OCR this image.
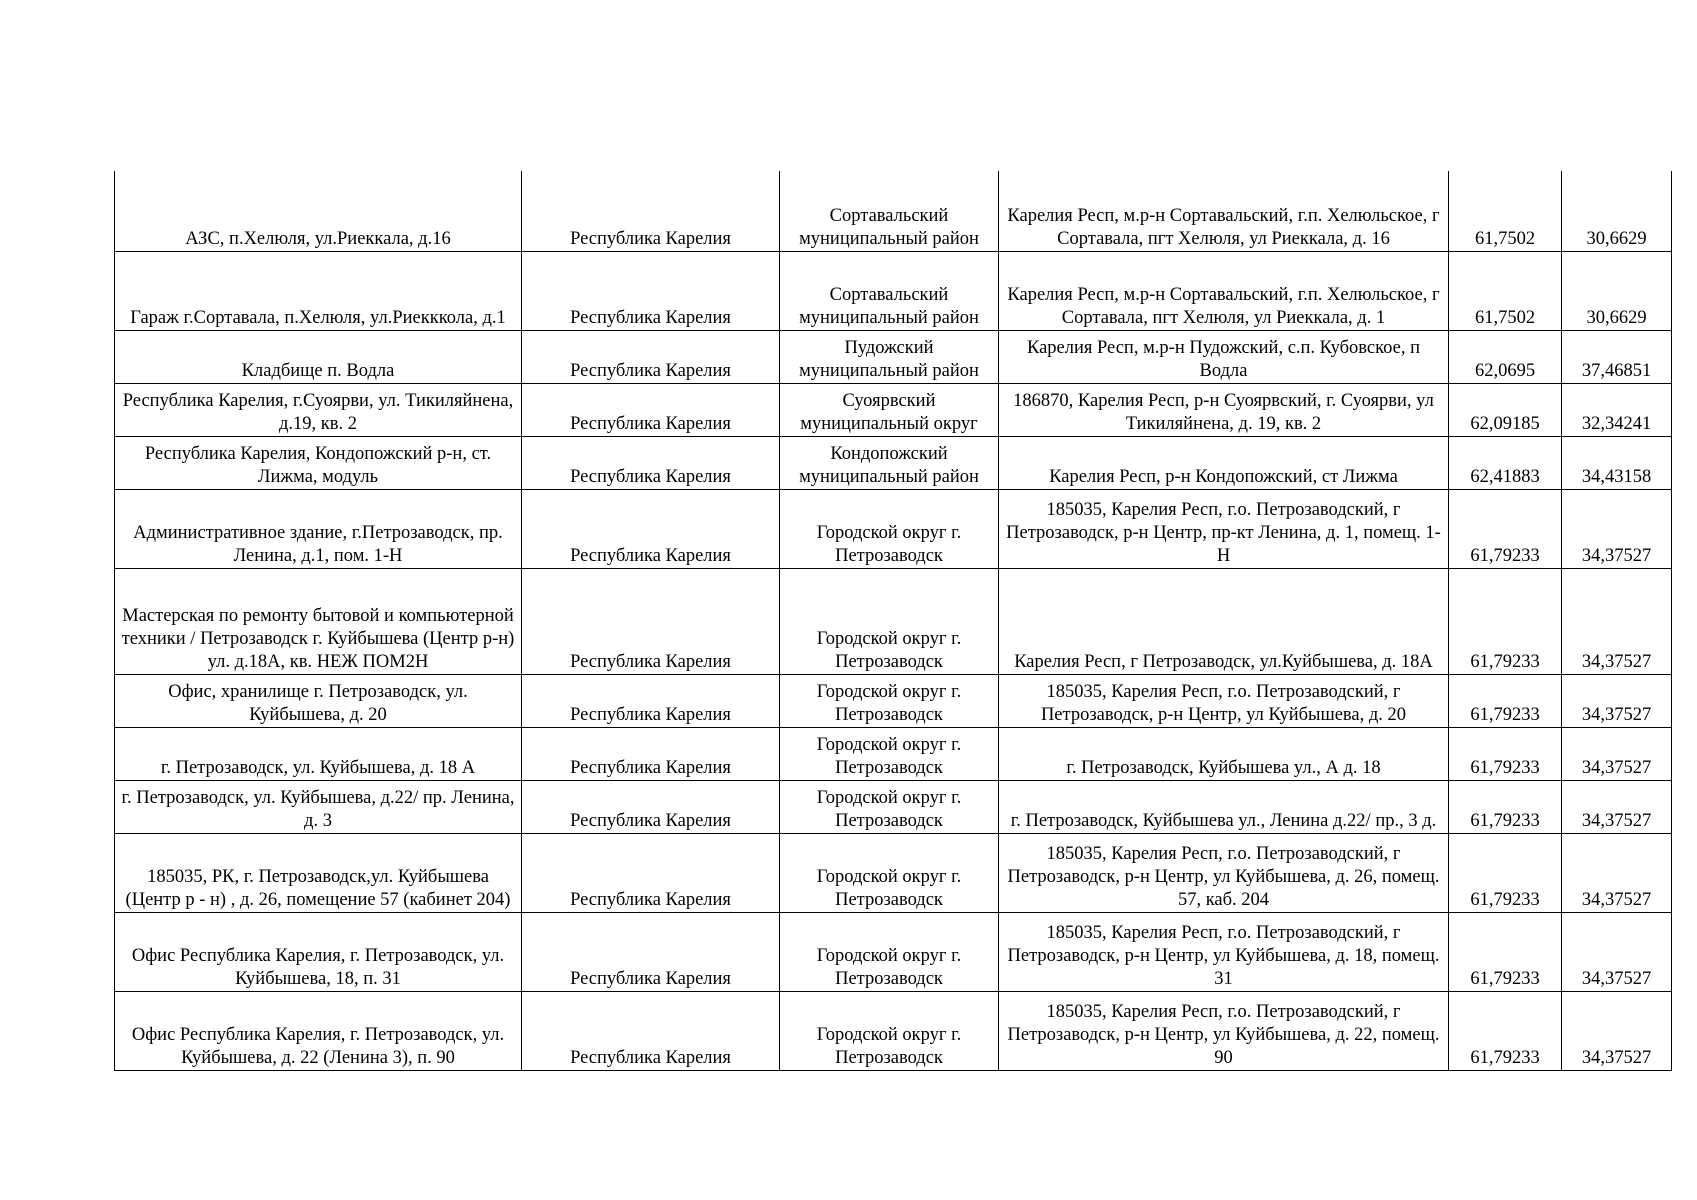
АЗС, п.Хелюля, ул.Риеккала, д.16	Республика Карелия	Сортавальский муниципальный район	Карелия Респ, м.р-н Сортавальский, г.п. Хелюльское, г Сортавала, пгт Хелюля, ул Риеккала, д. 16	61,7502	30,6629
Гараж г.Сортавала, п.Хелюля, ул.Риекккола, д.1	Республика Карелия	Сортавальский муниципальный район	Карелия Респ, м.р-н Сортавальский, г.п. Хелюльское, г Сортавала, пгт Хелюля, ул Риеккала, д. 1	61,7502	30,6629
Кладбище п. Водла	Республика Карелия	Пудожский муниципальный район	Карелия Респ, м.р-н Пудожский, с.п. Кубовское, п Водла	62,0695	37,46851
Республика Карелия, г.Суоярви, ул. Тикиляйнена, д.19, кв. 2	Республика Карелия	Суоярвский муниципальный округ	186870, Карелия Респ, р-н Суоярвский, г. Суоярви, ул Тикиляйнена, д. 19, кв. 2	62,09185	32,34241
Республика Карелия, Кондопожский р-н, ст. Лижма, модуль	Республика Карелия	Кондопожский муниципальный район	Карелия Респ, р-н Кондопожский, ст Лижма	62,41883	34,43158
Административное здание, г.Петрозаводск, пр. Ленина, д.1, пом. 1-Н	Республика Карелия	Городской округ г. Петрозаводск	185035, Карелия Респ, г.о. Петрозаводский, г Петрозаводск, р-н Центр, пр-кт Ленина, д. 1, помещ. 1-Н	61,79233	34,37527
Мастерская по ремонту бытовой и компьютерной техники / Петрозаводск г. Куйбышева (Центр р-н) ул. д.18А, кв. НЕЖ ПОМ2Н	Республика Карелия	Городской округ г. Петрозаводск	Карелия Респ, г Петрозаводск, ул.Куйбышева, д. 18А	61,79233	34,37527
Офис, хранилище г. Петрозаводск, ул. Куйбышева, д. 20	Республика Карелия	Городской округ г. Петрозаводск	185035, Карелия Респ, г.о. Петрозаводский, г Петрозаводск, р-н Центр, ул Куйбышева, д. 20	61,79233	34,37527
г. Петрозаводск, ул. Куйбышева, д. 18 А	Республика Карелия	Городской округ г. Петрозаводск	г. Петрозаводск, Куйбышева ул., А д. 18	61,79233	34,37527
г. Петрозаводск, ул. Куйбышева, д.22/ пр. Ленина, д. 3	Республика Карелия	Городской округ г. Петрозаводск	г. Петрозаводск, Куйбышева ул., Ленина д.22/ пр., 3 д.	61,79233	34,37527
185035, РК, г. Петрозаводск,ул. Куйбышева (Центр р - н) , д. 26, помещение 57 (кабинет 204)	Республика Карелия	Городской округ г. Петрозаводск	185035, Карелия Респ, г.о. Петрозаводский, г Петрозаводск, р-н Центр, ул Куйбышева, д. 26, помещ. 57, каб. 204	61,79233	34,37527
Офис Республика Карелия, г. Петрозаводск, ул. Куйбышева, 18, п. 31	Республика Карелия	Городской округ г. Петрозаводск	185035, Карелия Респ, г.о. Петрозаводский, г Петрозаводск, р-н Центр, ул Куйбышева, д. 18, помещ. 31	61,79233	34,37527
Офис Республика Карелия, г. Петрозаводск, ул. Куйбышева, д. 22 (Ленина 3), п. 90	Республика Карелия	Городской округ г. Петрозаводск	185035, Карелия Респ, г.о. Петрозаводский, г Петрозаводск, р-н Центр, ул Куйбышева, д. 22, помещ. 90	61,79233	34,37527
